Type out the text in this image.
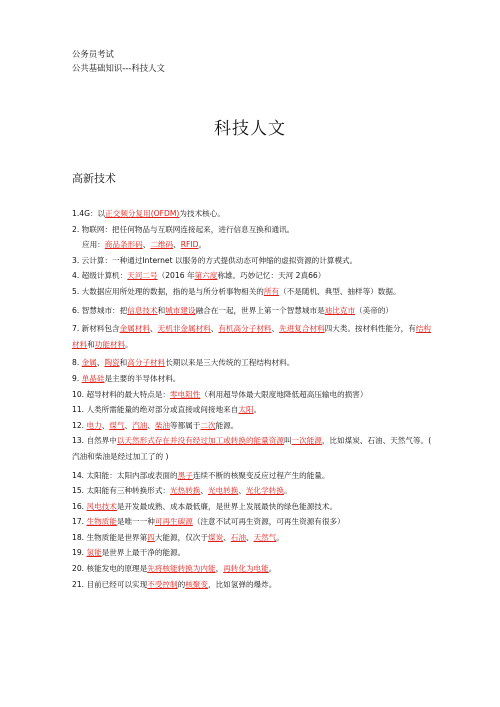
公务员考试
公共基础知识---科技人文
科技人文
高新技术

1.4G：以正交频分复用(OFDM)为技术核心。

2. 物联网：把任何物品与互联网连接起来，进行信息互换和通讯。

应用：商品条形码、二维码、RFID。

3. 云计算：一种通过Internet 以服务的方式提供动态可伸缩的虚拟资源的计算模式。

4. 超级计算机：天河二号（2016 年第六度称雄。巧妙记忆：天河 2真66）

5. 大数据应用所处理的数据，指的是与所分析事物相关的所有（不是随机、典型、抽样等）数据。

6. 智慧城市：把信息技术和城市建设融合在一起，世界上第一个智慧城市是迪比克市（美帝的）

7. 新材料包含金属材料、无机非金属材料、有机高分子材料、先进复合材料四大类。按材料性能分，有结构材料和功能材料。

8. 金属、陶瓷和高分子材料长期以来是三大传统的工程结构材料。

9. 单晶硅是主要的半导体材料。

10. 超导材料的最大特点是：零电阻性（利用超导体最大限度地降低超高压输电的损害）

11. 人类所需能量的绝对部分或直接或间接地来自太阳。

12. 电力、煤气、汽油、柴油等都属于二次能源。

13. 自然界中以天然形式存在并没有经过加工或转换的能量资源叫一次能源，比如煤炭、石油、天然气等。( 汽油和柴油是经过加工了的 )

14. 太阳能：太阳内部或表面的黑子连续不断的核聚变反应过程产生的能量。

15. 太阳能有三种转换形式：光热转换、光电转换、光化学转换。

16. 风电技术是开发最成熟、成本最低廉，是世界上发展最快的绿色能源技术。

17. 生物质能是唯一一种可再生碳源（注意不试可再生资源，可再生资源有很多）

18. 生物质能是世界第四大能源，仅次于煤炭、石油、天然气。

19. 氢能是世界上最干净的能源。

20. 核能发电的原理是先将核能转换为内能，再转化为电能。

21. 目前已经可以实现不受控制的核聚变，比如氢弹的爆炸。
